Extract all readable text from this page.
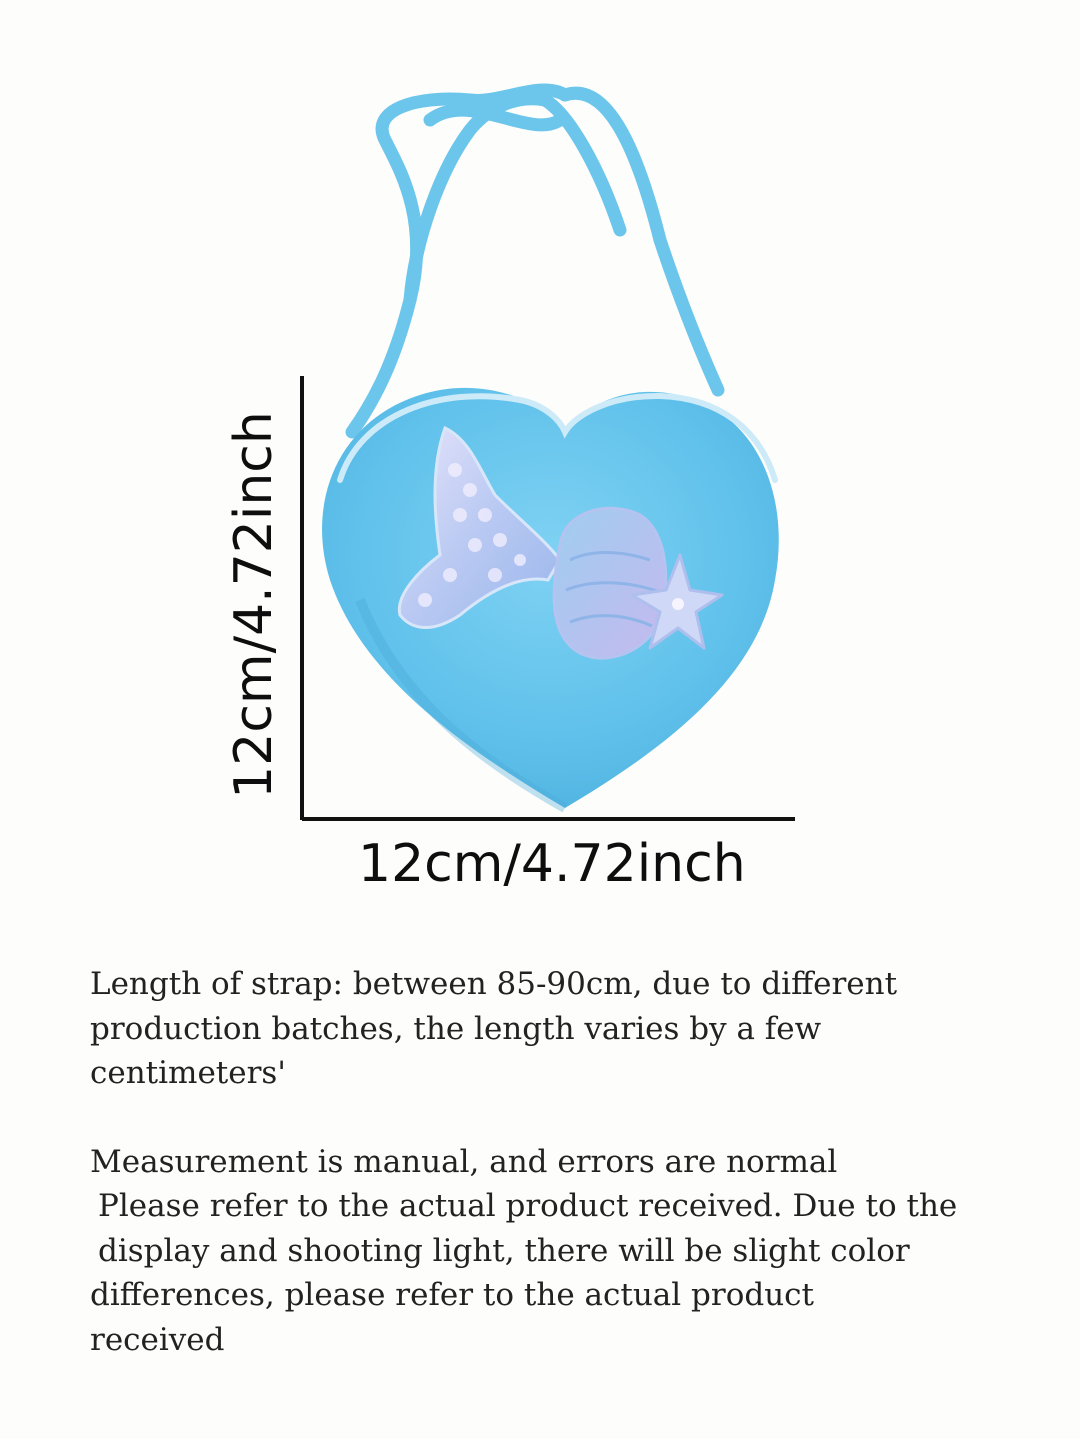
12cm/4.72inch
12cm/4.72inch

Length of strap: between 85-90cm, due to different
production batches, the length varies by a few
centimeters'

Measurement is manual, and errors are normal

Please refer to the actual product received. Due to the

display and shooting light, there will be slight color

differences, please refer to the actual product

received
